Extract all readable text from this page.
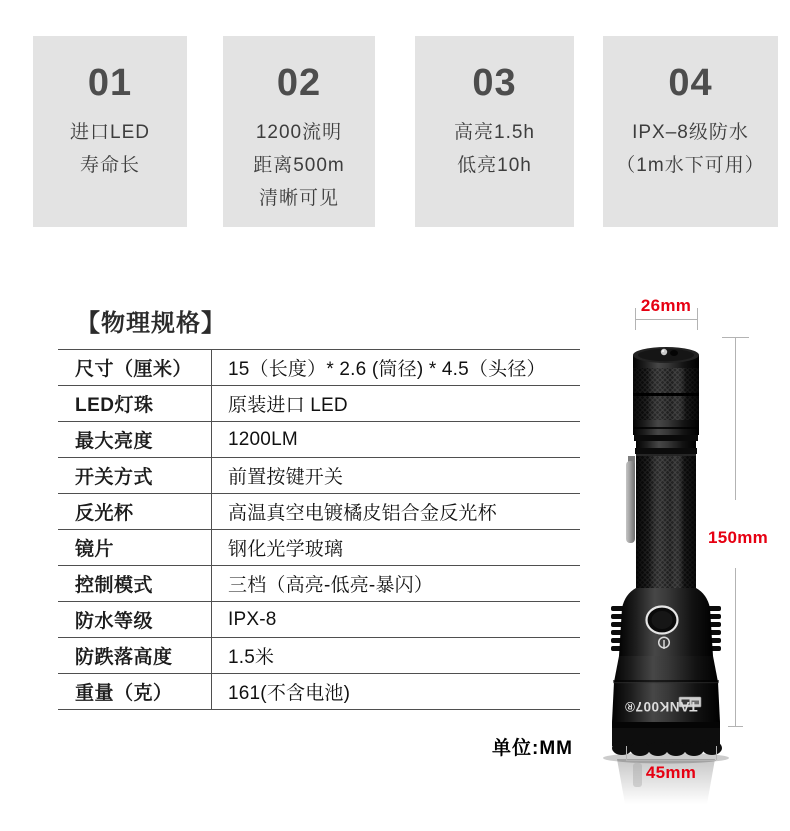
01
进口LED
寿命长
02
1200流明
距离500m
清晰可见
03
高亮1.5h
低亮10h
04
IPX–8级防水
（1m水下可用）
【物理规格】
尺寸（厘米）	15（长度）* 2.6 (筒径) * 4.5（头径）
LED灯珠	原装进口 LED
最大亮度	1200LM
开关方式	前置按键开关
反光杯	高温真空电镀橘皮铝合金反光杯
镜片	钢化光学玻璃
控制模式	三档（高亮-低亮-暴闪）
防水等级	IPX-8
防跌落高度	1.5米
重量（克）	161(不含电池)
TANK007®
26mm
150mm
45mm
单位:MM
